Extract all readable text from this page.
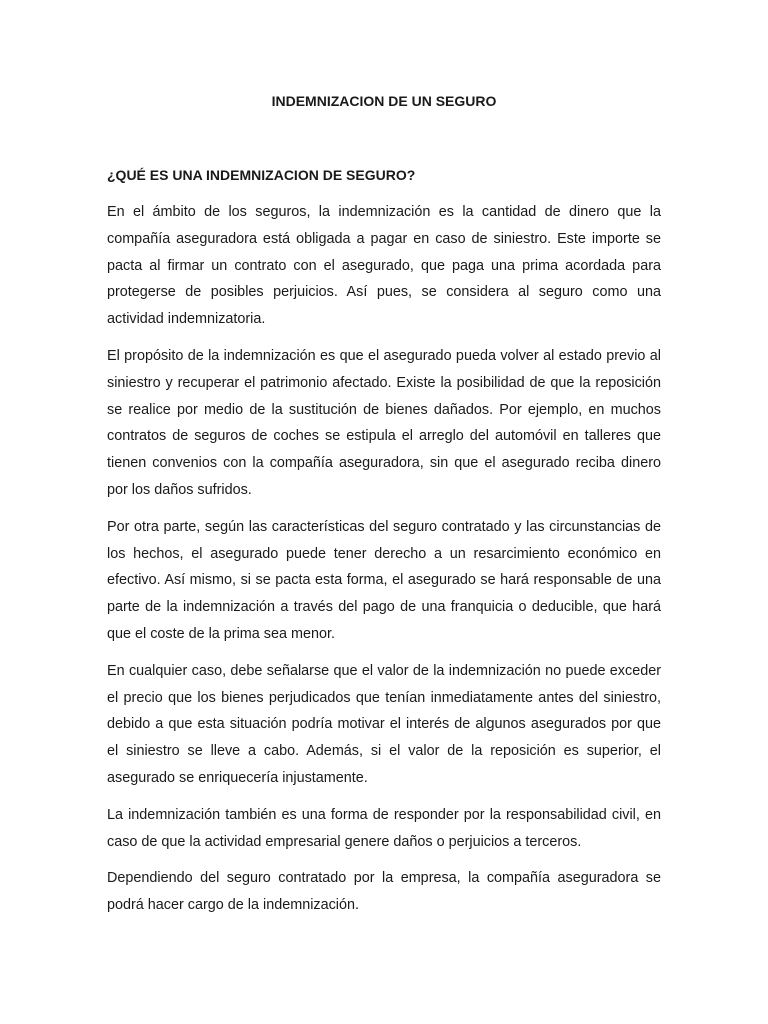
INDEMNIZACION DE UN SEGURO
¿QUÉ ES UNA INDEMNIZACION DE SEGURO?

En el ámbito de los seguros, la indemnización es la cantidad de dinero que la compañía aseguradora está obligada a pagar en caso de siniestro. Este importe se pacta al firmar un contrato con el asegurado, que paga una prima acordada para protegerse de posibles perjuicios. Así pues, se considera al seguro como una actividad indemnizatoria.

El propósito de la indemnización es que el asegurado pueda volver al estado previo al siniestro y recuperar el patrimonio afectado. Existe la posibilidad de que la reposición se realice por medio de la sustitución de bienes dañados. Por ejemplo, en muchos contratos de seguros de coches se estipula el arreglo del automóvil en talleres que tienen convenios con la compañía aseguradora, sin que el asegurado reciba dinero por los daños sufridos.

Por otra parte, según las características del seguro contratado y las circunstancias de los hechos, el asegurado puede tener derecho a un resarcimiento económico en efectivo. Así mismo, si se pacta esta forma, el asegurado se hará responsable de una parte de la indemnización a través del pago de una franquicia o deducible, que hará que el coste de la prima sea menor.

En cualquier caso, debe señalarse que el valor de la indemnización no puede exceder el precio que los bienes perjudicados que tenían inmediatamente antes del siniestro, debido a que esta situación podría motivar el interés de algunos asegurados por que el siniestro se lleve a cabo. Además, si el valor de la reposición es superior, el asegurado se enriquecería injustamente.

La indemnización también es una forma de responder por la responsabilidad civil, en caso de que la actividad empresarial genere daños o perjuicios a terceros.

Dependiendo del seguro contratado por la empresa, la compañía aseguradora se podrá hacer cargo de la indemnización.
